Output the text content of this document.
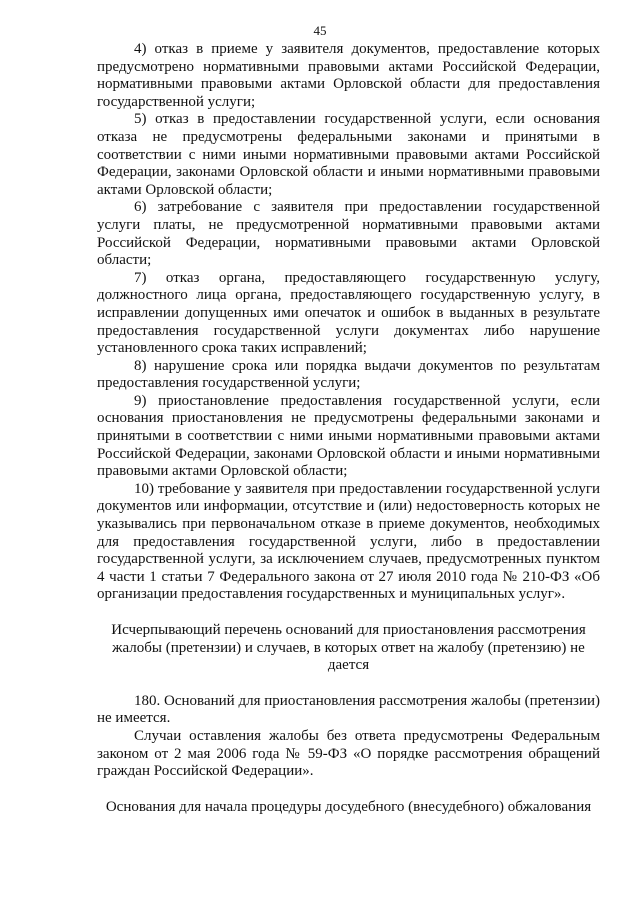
45

4) отказ в приеме у заявителя документов, предоставление которых предусмотрено нормативными правовыми актами Российской Федерации, нормативными правовыми актами Орловской области для предоставления государственной услуги;

5) отказ в предоставлении государственной услуги, если основания отказа не предусмотрены федеральными законами и принятыми в соответствии с ними иными нормативными правовыми актами Российской Федерации, законами Орловской области и иными нормативными правовыми актами Орловской области;

6) затребование с заявителя при предоставлении государственной услуги платы, не предусмотренной нормативными правовыми актами Российской Федерации, нормативными правовыми актами Орловской области;

7) отказ органа, предоставляющего государственную услугу, должностного лица органа, предоставляющего государственную услугу, в исправлении допущенных ими опечаток и ошибок в выданных в результате предоставления государственной услуги документах либо нарушение установленного срока таких исправлений;

8) нарушение срока или порядка выдачи документов по результатам предоставления государственной услуги;

9) приостановление предоставления государственной услуги, если основания приостановления не предусмотрены федеральными законами и принятыми в соответствии с ними иными нормативными правовыми актами Российской Федерации, законами Орловской области и иными нормативными правовыми актами Орловской области;

10) требование у заявителя при предоставлении государственной услуги документов или информации, отсутствие и (или) недостоверность которых не указывались при первоначальном отказе в приеме документов, необходимых для предоставления государственной услуги, либо в предоставлении государственной услуги, за исключением случаев, предусмотренных пунктом 4 части 1 статьи 7 Федерального закона от 27 июля 2010 года № 210-ФЗ «Об организации предоставления государственных и муниципальных услуг».

Исчерпывающий перечень оснований для приостановления рассмотрения жалобы (претензии) и случаев, в которых ответ на жалобу (претензию) не дается

180. Оснований для приостановления рассмотрения жалобы (претензии) не имеется.

Случаи оставления жалобы без ответа предусмотрены Федеральным законом от 2 мая 2006 года № 59-ФЗ «О порядке рассмотрения обращений граждан Российской Федерации».

Основания для начала процедуры досудебного (внесудебного) обжалования
